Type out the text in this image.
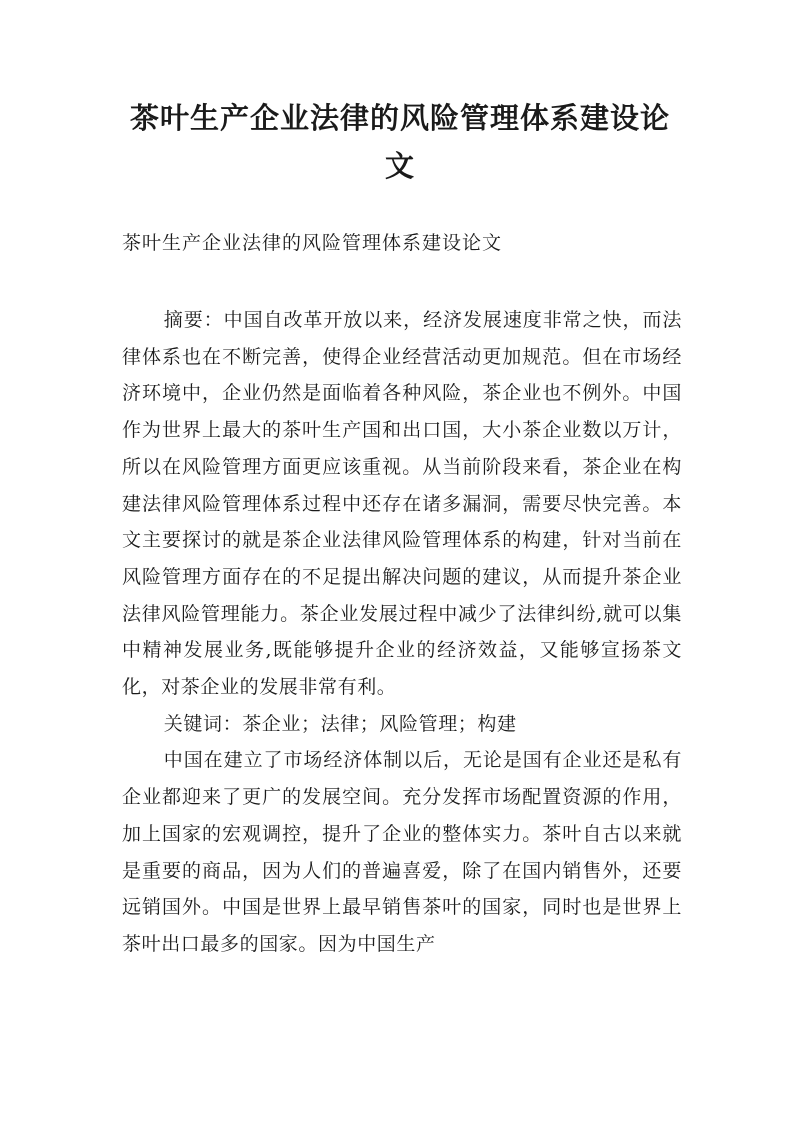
茶叶生产企业法律的风险管理体系建设论文
茶叶生产企业法律的风险管理体系建设论文

摘要：中国自改革开放以来，经济发展速度非常之快，而法律体系也在不断完善，使得企业经营活动更加规范。但在市场经济环境中，企业仍然是面临着各种风险，茶企业也不例外。中国作为世界上最大的茶叶生产国和出口国，大小茶企业数以万计，所以在风险管理方面更应该重视。从当前阶段来看，茶企业在构建法律风险管理体系过程中还存在诸多漏洞，需要尽快完善。本文主要探讨的就是茶企业法律风险管理体系的构建，针对当前在风险管理方面存在的不足提出解决问题的建议，从而提升茶企业法律风险管理能力。茶企业发展过程中减少了法律纠纷,就可以集中精神发展业务,既能够提升企业的经济效益，又能够宣扬茶文化，对茶企业的发展非常有利。

关键词：茶企业；法律；风险管理；构建

中国在建立了市场经济体制以后，无论是国有企业还是私有企业都迎来了更广的发展空间。充分发挥市场配置资源的作用，加上国家的宏观调控，提升了企业的整体实力。茶叶自古以来就是重要的商品，因为人们的普遍喜爱，除了在国内销售外，还要远销国外。中国是世界上最早销售茶叶的国家，同时也是世界上茶叶出口最多的国家。因为中国生产
